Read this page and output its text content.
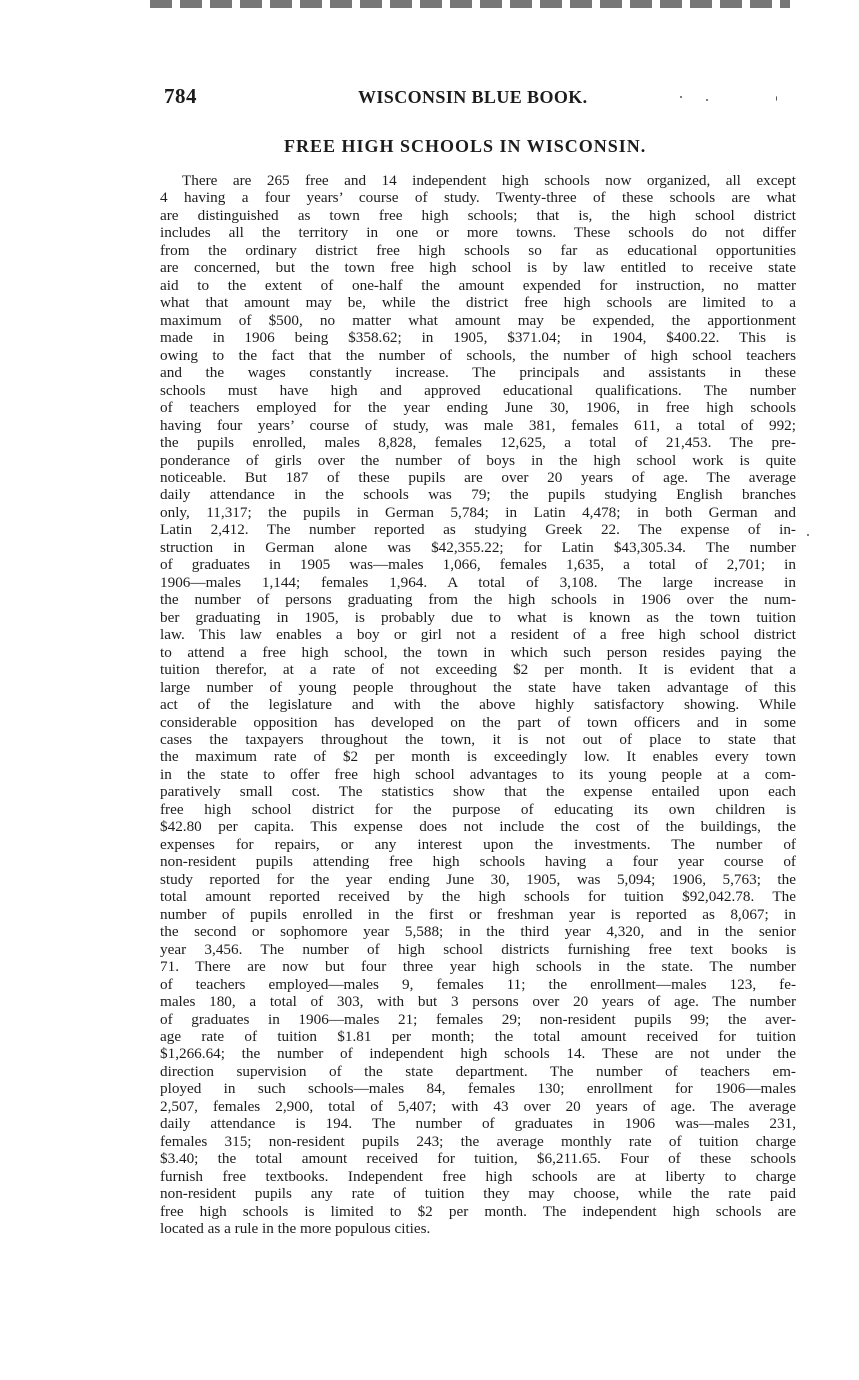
784	WISCONSIN BLUE BOOK.
FREE HIGH SCHOOLS IN WISCONSIN.
There are 265 free and 14 independent high schools now organized, all except
4 having a four years’ course of study. Twenty-three of these schools are what
are distinguished as town free high schools; that is, the high school district
includes all the territory in one or more towns. These schools do not differ
from the ordinary district free high schools so far as educational opportunities
are concerned, but the town free high school is by law entitled to receive state
aid to the extent of one-half the amount expended for instruction, no matter
what that amount may be, while the district free high schools are limited to a
maximum of $500, no matter what amount may be expended, the apportionment
made in 1906 being $358.62; in 1905, $371.04; in 1904, $400.22. This is
owing to the fact that the number of schools, the number of high school teachers
and the wages constantly increase. The principals and assistants in these
schools must have high and approved educational qualifications. The number
of teachers employed for the year ending June 30, 1906, in free high schools
having four years’ course of study, was male 381, females 611, a total of 992;
the pupils enrolled, males 8,828, females 12,625, a total of 21,453. The pre-
ponderance of girls over the number of boys in the high school work is quite
noticeable. But 187 of these pupils are over 20 years of age. The average
daily attendance in the schools was 79; the pupils studying English branches
only, 11,317; the pupils in German 5,784; in Latin 4,478; in both German and
Latin 2,412. The number reported as studying Greek 22. The expense of in-
struction in German alone was $42,355.22; for Latin $43,305.34. The number
of graduates in 1905 was—males 1,066, females 1,635, a total of 2,701; in
1906—males 1,144; females 1,964. A total of 3,108. The large increase in
the number of persons graduating from the high schools in 1906 over the num-
ber graduating in 1905, is probably due to what is known as the town tuition
law. This law enables a boy or girl not a resident of a free high school district
to attend a free high school, the town in which such person resides paying the
tuition therefor, at a rate of not exceeding $2 per month. It is evident that a
large number of young people throughout the state have taken advantage of this
act of the legislature and with the above highly satisfactory showing. While
considerable opposition has developed on the part of town officers and in some
cases the taxpayers throughout the town, it is not out of place to state that
the maximum rate of $2 per month is exceedingly low. It enables every town
in the state to offer free high school advantages to its young people at a com-
paratively small cost. The statistics show that the expense entailed upon each
free high school district for the purpose of educating its own children is
$42.80 per capita. This expense does not include the cost of the buildings, the
expenses for repairs, or any interest upon the investments. The number of
non-resident pupils attending free high schools having a four year course of
study reported for the year ending June 30, 1905, was 5,094; 1906, 5,763; the
total amount reported received by the high schools for tuition $92,042.78. The
number of pupils enrolled in the first or freshman year is reported as 8,067; in
the second or sophomore year 5,588; in the third year 4,320, and in the senior
year 3,456. The number of high school districts furnishing free text books is
71. There are now but four three year high schools in the state. The number
of teachers employed—males 9, females 11; the enrollment—males 123, fe-
males 180, a total of 303, with but 3 persons over 20 years of age. The number
of graduates in 1906—males 21; females 29; non-resident pupils 99; the aver-
age rate of tuition $1.81 per month; the total amount received for tuition
$1,266.64; the number of independent high schools 14. These are not under the
direction supervision of the state department. The number of teachers em-
ployed in such schools—males 84, females 130; enrollment for 1906—males
2,507, females 2,900, total of 5,407; with 43 over 20 years of age. The average
daily attendance is 194. The number of graduates in 1906 was—males 231,
females 315; non-resident pupils 243; the average monthly rate of tuition charge
$3.40; the total amount received for tuition, $6,211.65. Four of these schools
furnish free textbooks. Independent free high schools are at liberty to charge
non-resident pupils any rate of tuition they may choose, while the rate paid
free high schools is limited to $2 per month. The independent high schools are
located as a rule in the more populous cities.
